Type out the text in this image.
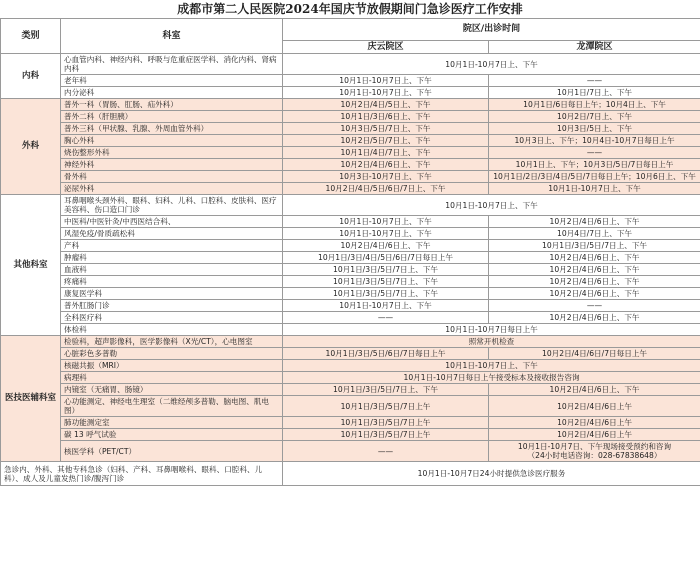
成都市第二人民医院2024年国庆节放假期间门急诊医疗工作安排
类别	科室	院区/出诊时间	
		庆云院区	龙潭院区
内科	心血管内科、神经内科、呼吸与危重症医学科、消化内科、肾病内科	10月1日-10月7日上、下午	
	老年科	10月1日-10月7日上、下午	——
	内分泌科	10月1日-10月7日上、下午	10月1日/7日上、下午
外科	普外一科（胃肠、肛肠、疝外科）	10月2日/4日/5日上、下午	10月1日/6日每日上午；10月4日上、下午
	普外二科（肝胆胰）	10月1日/3日/6日上、下午	10月2日/7日上、下午
	普外三科（甲状腺、乳腺、外周血管外科）	10月3日/5日/7日上、下午	10月3日/5日上、下午
	胸心外科	10月2日/5日/7日上、下午	10月3日上、下午；10月4日-10月7日每日上午
	烧伤整形外科	10月1日/4日/7日上、下午	——
	神经外科	10月2日/4日/6日上、下午	10月1日上、下午；10月3日/5日/7日每日上午
	骨外科	10月3日-10月7日上、下午	10月1日/2日/3日/4日/5日/7日每日上午；10月6日上、下午
	泌尿外科	10月2日/4日/5日/6日/7日上、下午	10月1日-10月7日上、下午
其他科室	耳鼻咽喉头颈外科、眼科、妇科、儿科、口腔科、皮肤科、医疗美容科、伤口造口门诊	10月1日-10月7日上、下午	
	中医科/中医针灸/中西医结合科、	10月1日-10月7日上、下午	10月2日/4日/6日上、下午
	风湿免疫/骨质疏松科	10月1日-10月7日上、下午	10月4日/7日上、下午
	产科	10月2日/4日/6日上、下午	10月1日/3日/5日/7日上、下午
	肿瘤科	10月1日/3日/4日/5日/6日/7日每日上午	10月2日/4日/6日上、下午
	血液科	10月1日/3日/5日/7日上、下午	10月2日/4日/6日上、下午
	疼痛科	10月1日/3日/5日/7日上、下午	10月2日/4日/6日上、下午
	康复医学科	10月1日/3日/5日/7日上、下午	10月2日/4日/6日上、下午
	普外肛肠门诊	10月1日-10月7日上、下午	——
	全科医疗科	——	10月2日/4日/6日上、下午
	体检科	10月1日-10月7日每日上午	
医技医辅科室	检验科，超声影像科，医学影像科（X光/CT），心电图室	照常开机检查	
	心脏彩色多普勒	10月1日/3日/5日/6日/7日每日上午	10月2日/4日/6日/7日每日上午
	核磁共振（MRI）	10月1日-10月7日上、下午	
	病理科	10月1日-10月7日每日上午接受标本及接收报告咨询	
	内镜室（无痛胃、肠镜）	10月1日/3日/5日/7日上、下午	10月2日/4日/6日上、下午
	心功能测定、神经电生理室（二维经颅多普勒、脑电图、肌电图）	10月1日/3日/5日/7日上午	10月2日/4日/6日上午
	肺功能测定室	10月1日/3日/5日/7日上午	10月2日/4日/6日上午
	碳 13 呼气试验	10月1日/3日/5日/7日上午	10月2日/4日/6日上午
	核医学科（PET/CT）	——	10月1日-10月7日、下午现场接受预约和咨询
（24小时电话咨询：028-67838648）

急诊内、外科、其他专科急诊（妇科、产科、耳鼻咽喉科、眼科、口腔科、儿科）、成人及儿童发热门诊/腹泻门诊		10月1日-10月7日24小时提供急诊医疗服务	
